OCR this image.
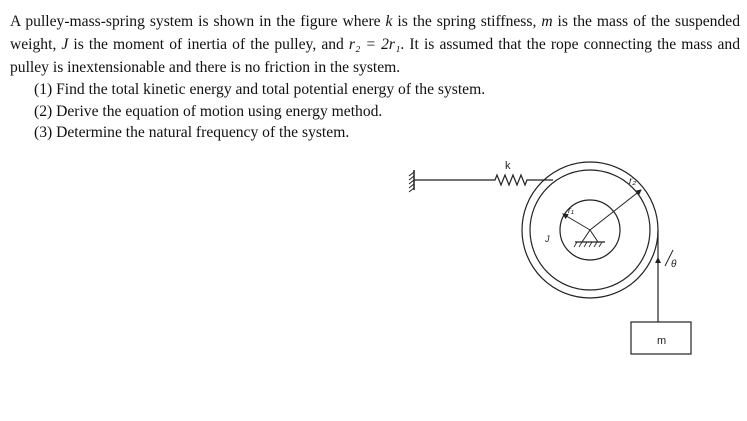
A pulley-mass-spring system is shown in the figure where k is the spring stiffness, m is the mass of the suspended weight, J is the moment of inertia of the pulley, and r₂ = 2r₁. It is assumed that the rope connecting the mass and pulley is inextensionable and there is no friction in the system.

(1) Find the total kinetic energy and total potential energy of the system.

(2) Derive the equation of motion using energy method.

(3) Determine the natural frequency of the system.

k
r₂
r₁
J
θ
m
